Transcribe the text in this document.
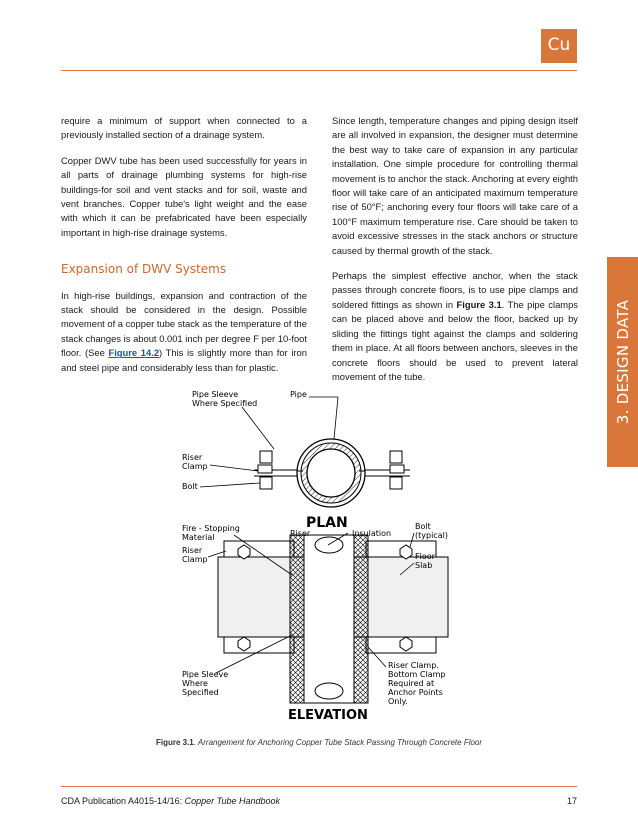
Cu
3. DESIGN DATA

require a minimum of support when connected to a previously installed section of a drainage system.

Copper DWV tube has been used successfully for years in all parts of drainage plumbing systems for high-rise buildings-for soil and vent stacks and for soil, waste and vent branches. Copper tube's light weight and the ease with which it can be prefabricated have been especially important in high-rise drainage systems.

Expansion of DWV Systems

In high-rise buildings, expansion and contraction of the stack should be considered in the design. Possible movement of a copper tube stack as the temperature of the stack changes is about 0.001 inch per degree F per 10-foot floor. (See Figure 14.2) This is slightly more than for iron and steel pipe and considerably less than for plastic.

Since length, temperature changes and piping design itself are all involved in expansion, the designer must determine the best way to take care of expansion in any particular installation. One simple procedure for controlling thermal movement is to anchor the stack. Anchoring at every eighth floor will take care of an anticipated maximum temperature rise of 50°F; anchoring every four floors will take care of a 100°F maximum temperature rise. Care should be taken to avoid excessive stresses in the stack anchors or structure caused by thermal growth of the stack.

Perhaps the simplest effective anchor, when the stack passes through concrete floors, is to use pipe clamps and soldered fittings as shown in Figure 3.1. The pipe clamps can be placed above and below the floor, backed up by sliding the fittings tight against the clamps and soldering them in place. At all floors between anchors, sleeves in the concrete floors should be used to prevent lateral movement of the tube.

Pipe Sleeve
Where Specified
Pipe
Riser
Clamp
Bolt
PLAN
Fire - Stopping
Material
Riser
Clamp
Riser	Insulation
Bolt
(typical)
Floor
Slab
Pipe Sleeve
Where
Specified
Riser Clamp.
Bottom Clamp
Required at
Anchor Points
Only.
ELEVATION
Figure 3.1. Arrangement for Anchoring Copper Tube Stack Passing Through Concrete Floor
CDA Publication A4015-14/16: Copper Tube Handbook	17
